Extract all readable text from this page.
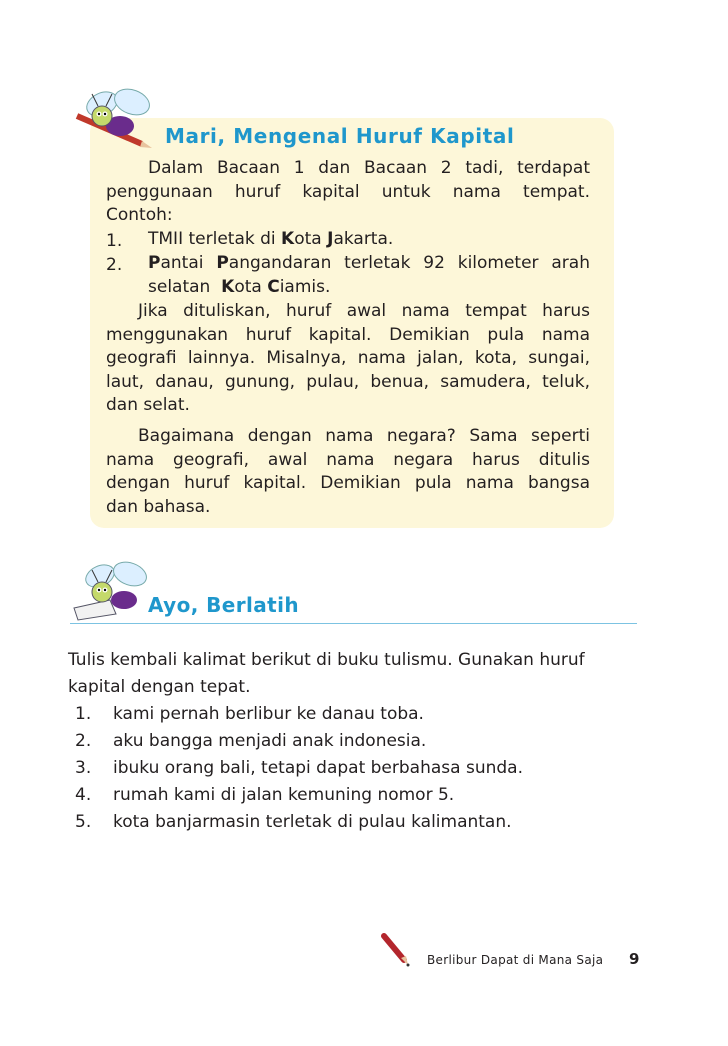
Mari, Mengenal Huruf Kapital
Dalam Bacaan 1 dan Bacaan 2 tadi, terdapat
penggunaan huruf kapital untuk nama tempat.
Contoh:
1. TMII terletak di Kota Jakarta.
2. Pantai Pangandaran terletak 92 kilometer arah
selatan  Kota Ciamis.
Jika dituliskan, huruf awal nama tempat harus
menggunakan huruf kapital. Demikian pula nama
geografi lainnya. Misalnya, nama jalan, kota, sungai,
laut, danau, gunung, pulau, benua, samudera, teluk,
dan selat.
Bagaimana dengan nama negara? Sama seperti
nama geografi, awal nama negara harus ditulis
dengan huruf kapital. Demikian pula nama bangsa
dan bahasa.
Ayo, Berlatih
Tulis kembali kalimat berikut di buku tulismu. Gunakan huruf
kapital dengan tepat.
1. kami pernah berlibur ke danau toba.
2. aku bangga menjadi anak indonesia.
3. ibuku orang bali, tetapi dapat berbahasa sunda.
4. rumah kami di jalan kemuning nomor 5.
5. kota banjarmasin terletak di pulau kalimantan.
Berlibur Dapat di Mana Saja 9
